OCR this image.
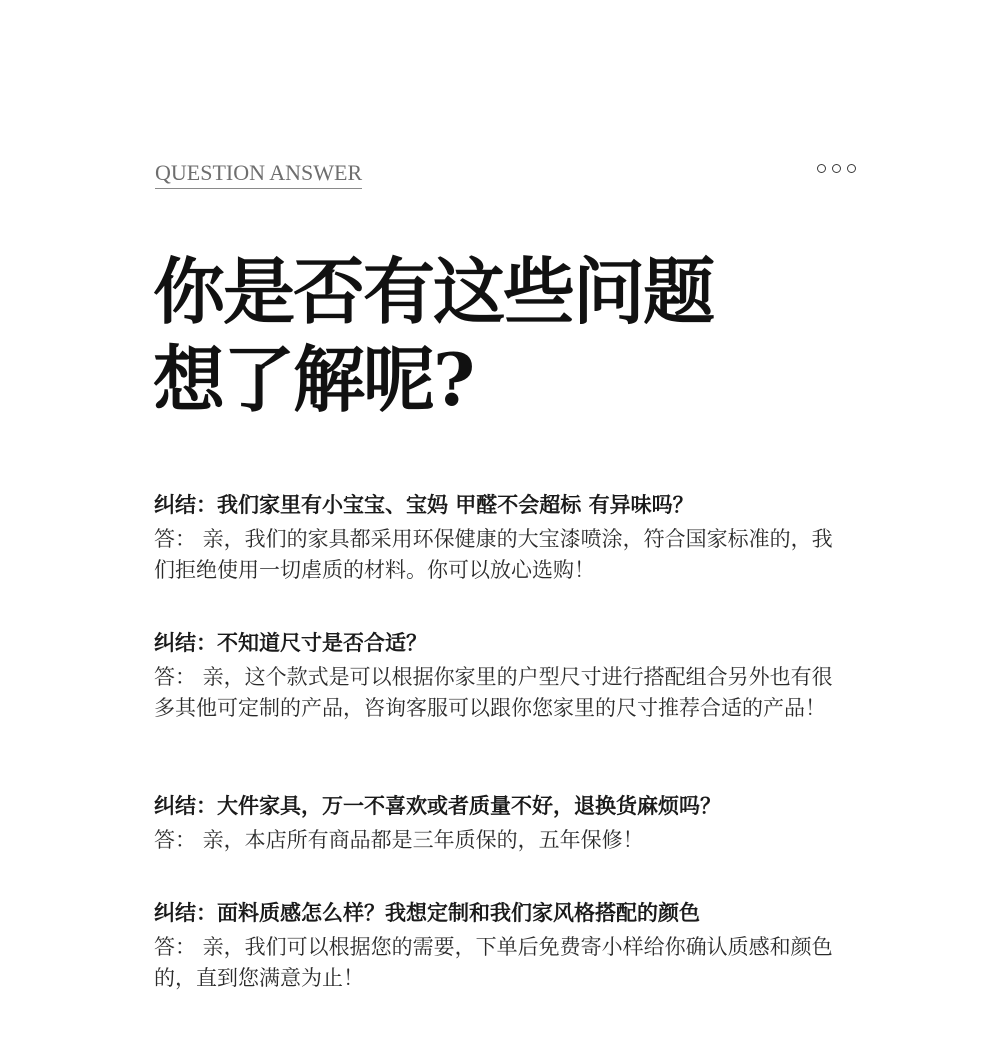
QUESTION ANSWER
你是否有这些问题
想了解呢?
纠结：我们家里有小宝宝、宝妈 甲醛不会超标 有异味吗？
答： 亲，我们的家具都采用环保健康的大宝漆喷涂，符合国家标准的，我们拒绝使用一切虐质的材料。你可以放心选购！
纠结：不知道尺寸是否合适？
答： 亲，这个款式是可以根据你家里的户型尺寸进行搭配组合另外也有很多其他可定制的产品，咨询客服可以跟你您家里的尺寸推荐合适的产品！
纠结：大件家具，万一不喜欢或者质量不好，退换货麻烦吗？
答： 亲，本店所有商品都是三年质保的，五年保修！
纠结：面料质感怎么样？我想定制和我们家风格搭配的颜色
答： 亲，我们可以根据您的需要，下单后免费寄小样给你确认质感和颜色的，直到您满意为止！
